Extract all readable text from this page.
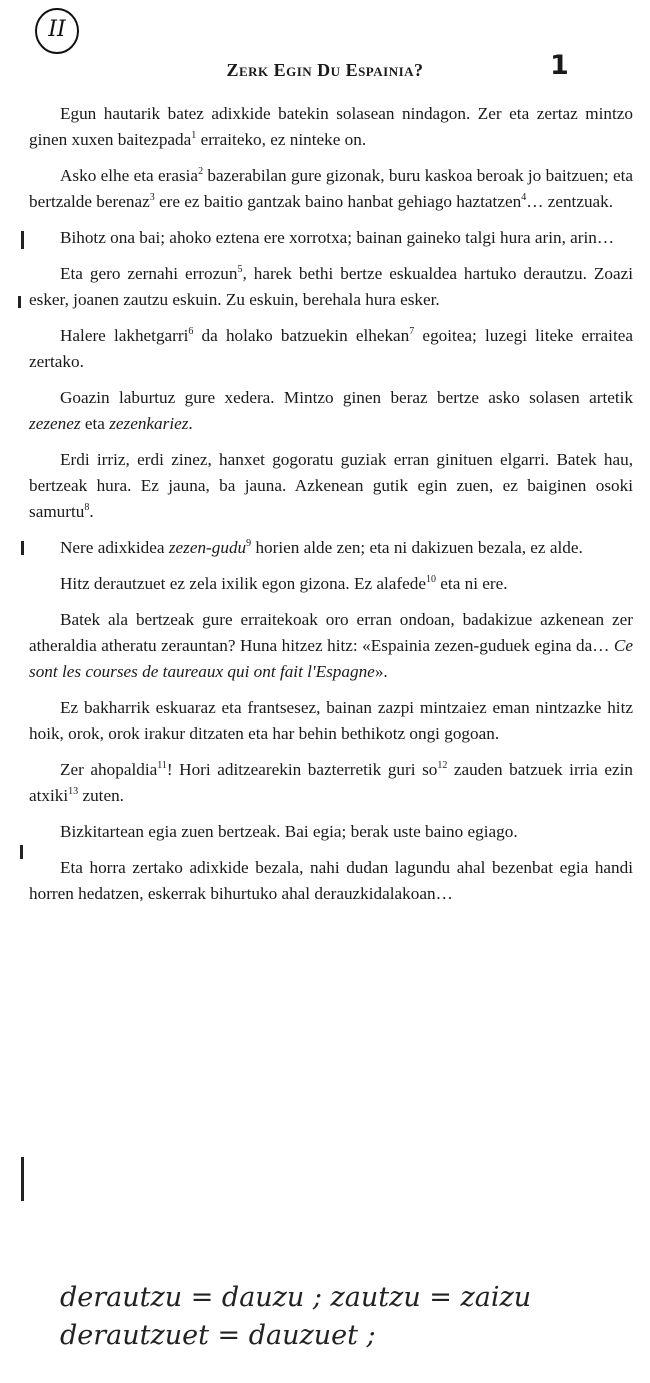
II
Zerk Egin Du Espainia?	1

Egun hautarik batez adixkide batekin solasean nindagon. Zer eta zertaz mintzo ginen xuxen baitezpada$^1$ erraiteko, ez ninteke on.

Asko elhe eta erasia$^2$ bazerabilan gure gizonak, buru kaskoa beroak jo baitzuen; eta bertzalde berenaz$^3$ ere ez baitio gantzak baino hanbat gehiago haztatzen$^4$… zentzuak.

Bihotz ona bai; ahoko eztena ere xorrotxa; bainan gaineko talgi hura arin, arin…

Eta gero zernahi errozun$^5$, harek bethi bertze eskualdea hartuko derautzu. Zoazi esker, joanen zautzu eskuin. Zu eskuin, berehala hura esker.

Halere lakhetgarri$^6$ da holako batzuekin elhekan$^7$ egoitea; luzegi liteke erraitea zertako.

Goazin laburtuz gure xedera. Mintzo ginen beraz bertze asko solasen artetik zezenez eta zezenkariez.

Erdi irriz, erdi zinez, hanxet gogoratu guziak erran ginituen elgarri. Batek hau, bertzeak hura. Ez jauna, ba jauna. Azkenean gutik egin zuen, ez baiginen osoki samurtu$^8$.

Nere adixkidea zezen-gudu$^9$ horien alde zen; eta ni dakizuen bezala, ez alde.

Hitz derautzuet ez zela ixilik egon gizona. Ez alafede$^{10}$ eta ni ere.

Batek ala bertzeak gure erraitekoak oro erran ondoan, badakizue azkenean zer atheraldia atheratu zerauntan? Huna hitzez hitz: «Espainia zezen-guduek egina da… Ce sont les courses de taureaux qui ont fait l'Espagne».

Ez bakharrik eskuaraz eta frantsesez, bainan zazpi mintzaiez eman nintzazke hitz hoik, orok, orok irakur ditzaten eta har behin bethikotz ongi gogoan.

Zer ahopaldia$^{11}$! Hori aditzearekin bazterretik guri $so^{12}$ zauden batzuek irria ezin atxiki$^{13}$ zuten.

Bizkitartean egia zuen bertzeak. Bai egia; berak uste baino egiago.

Eta horra zertako adixkide bezala, nahi dudan lagundu ahal bezenbat egia handi horren hedatzen, eskerrak bihurtuko ahal derauzkidalakoan…

derautzu = dauzu ; zautzu = zaizu
derautzuet = dauzuet ;
